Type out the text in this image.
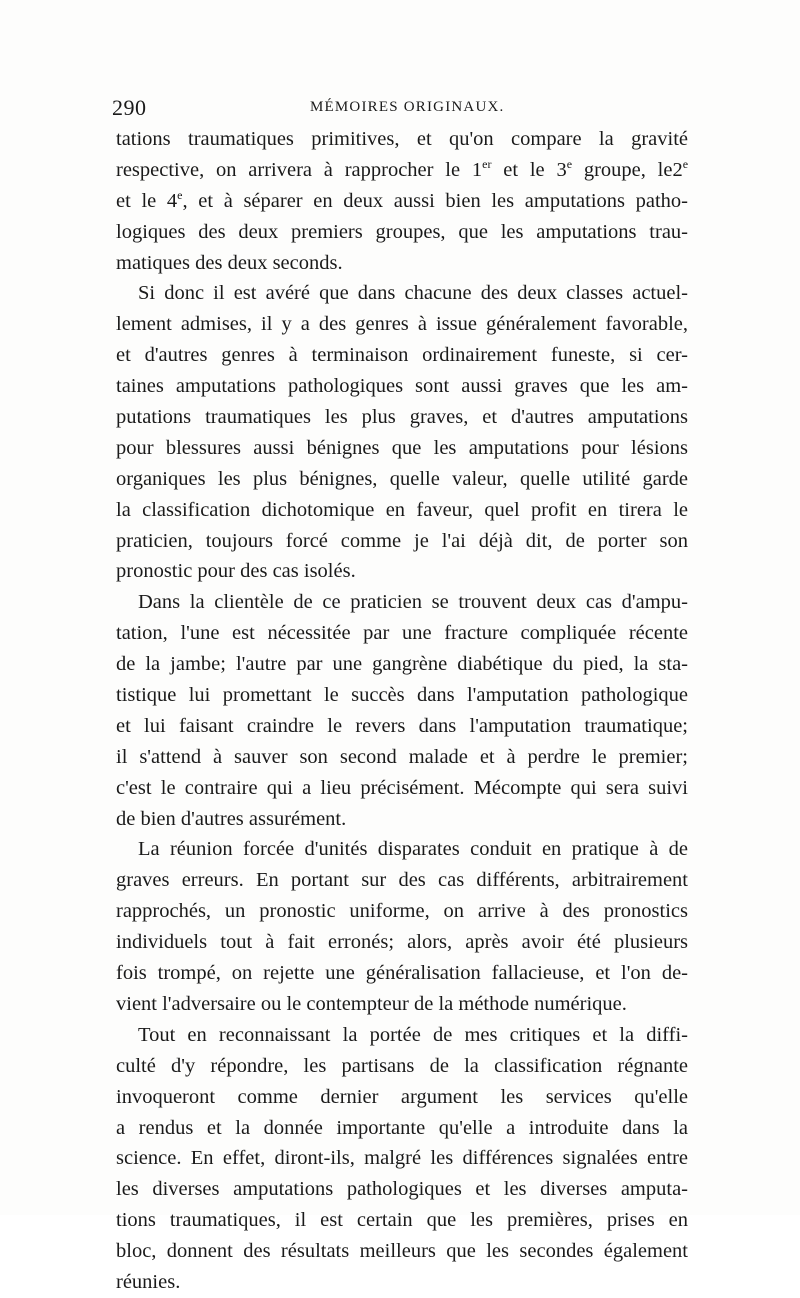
290	MÉMOIRES ORIGINAUX.
tations traumatiques primitives, et qu'on compare la gravité
respective, on arrivera à rapprocher le 1er et le 3e groupe, le2e
et le 4e, et à séparer en deux aussi bien les amputations patho-
logiques des deux premiers groupes, que les amputations trau-
matiques des deux seconds.
Si donc il est avéré que dans chacune des deux classes actuel-
lement admises, il y a des genres à issue généralement favorable,
et d'autres genres à terminaison ordinairement funeste, si cer-
taines amputations pathologiques sont aussi graves que les am-
putations traumatiques les plus graves, et d'autres amputations
pour blessures aussi bénignes que les amputations pour lésions
organiques les plus bénignes, quelle valeur, quelle utilité garde
la classification dichotomique en faveur, quel profit en tirera le
praticien, toujours forcé comme je l'ai déjà dit, de porter son
pronostic pour des cas isolés.
Dans la clientèle de ce praticien se trouvent deux cas d'ampu-
tation, l'une est nécessitée par une fracture compliquée récente
de la jambe; l'autre par une gangrène diabétique du pied, la sta-
tistique lui promettant le succès dans l'amputation pathologique
et lui faisant craindre le revers dans l'amputation traumatique;
il s'attend à sauver son second malade et à perdre le premier;
c'est le contraire qui a lieu précisément. Mécompte qui sera suivi
de bien d'autres assurément.
La réunion forcée d'unités disparates conduit en pratique à de
graves erreurs. En portant sur des cas différents, arbitrairement
rapprochés, un pronostic uniforme, on arrive à des pronostics
individuels tout à fait erronés; alors, après avoir été plusieurs
fois trompé, on rejette une généralisation fallacieuse, et l'on de-
vient l'adversaire ou le contempteur de la méthode numérique.
Tout en reconnaissant la portée de mes critiques et la diffi-
culté d'y répondre, les partisans de la classification régnante
invoqueront comme dernier argument les services qu'elle
a rendus et la donnée importante qu'elle a introduite dans la
science. En effet, diront-ils, malgré les différences signalées entre
les diverses amputations pathologiques et les diverses amputa-
tions traumatiques, il est certain que les premières, prises en
bloc, donnent des résultats meilleurs que les secondes également
réunies.
